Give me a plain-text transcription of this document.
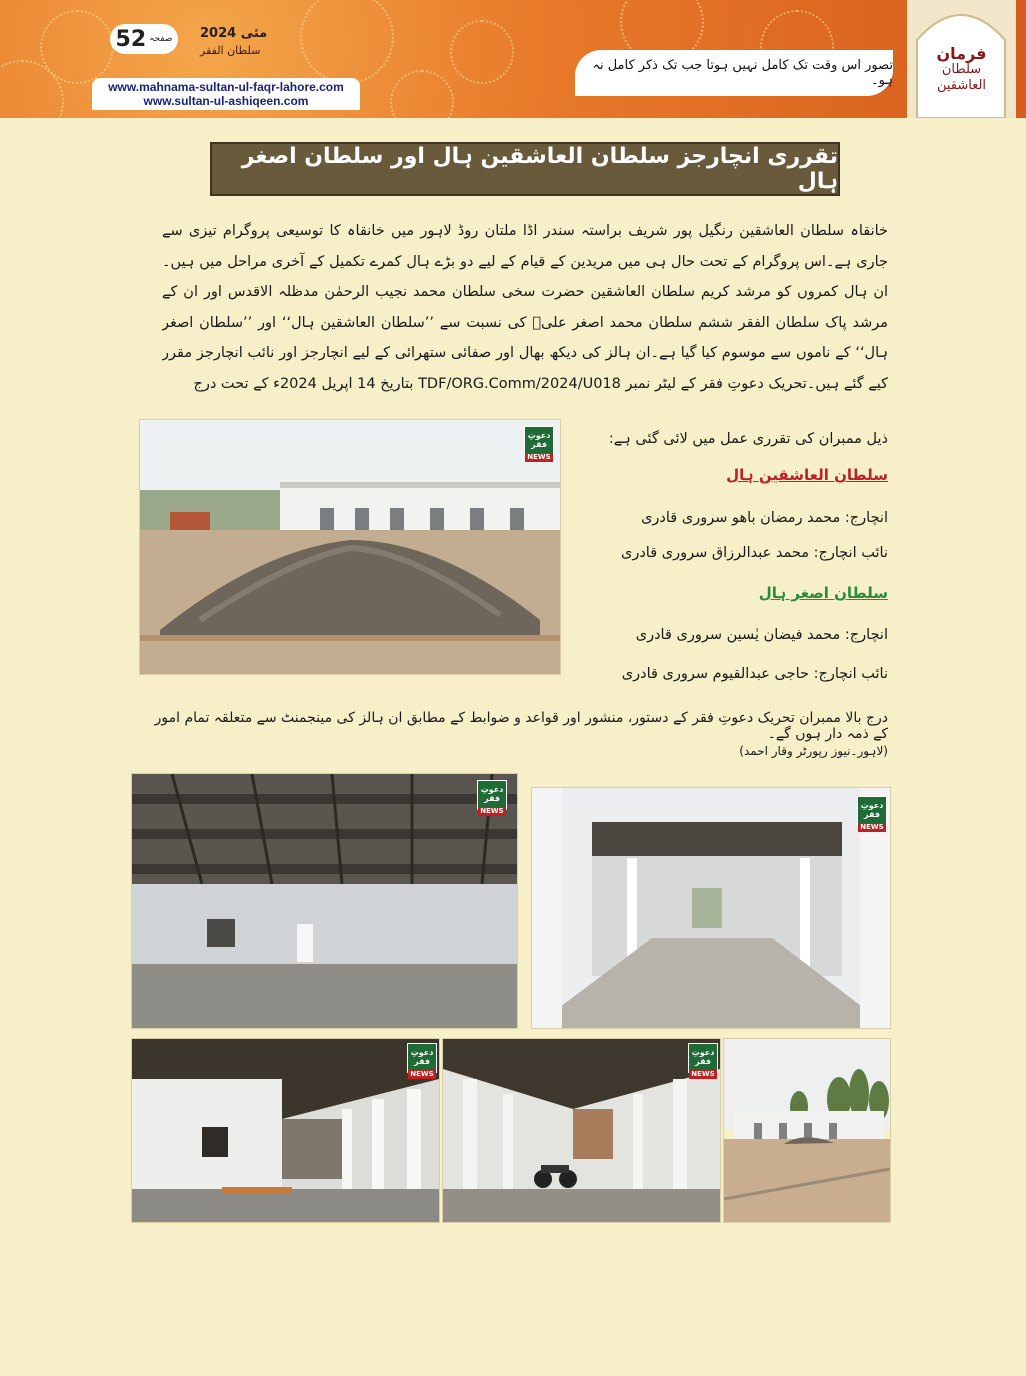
52 صفحہ مئی 2024
سلطان الفقر
www.mahnama-sultan-ul-faqr-lahore.com
www.sultan-ul-ashiqeen.com
تصور اس وقت تک کامل نہیں ہوتا جب تک ذکر کامل نہ ہو۔
فرمان
سلطان
العاشقین
تقرری انچارجز سلطان العاشقین ہال اور سلطان اصغر ہال

خانقاہ سلطان العاشقین رنگیل پور شریف براستہ سندر اڈا ملتان روڈ لاہور میں خانقاہ کا توسیعی پروگرام تیزی سے جاری ہے۔اس پروگرام کے تحت حال ہی میں مریدین کے قیام کے لیے دو بڑے ہال کمرے تکمیل کے آخری مراحل میں ہیں۔ان ہال کمروں کو مرشد کریم سلطان العاشقین حضرت سخی سلطان محمد نجیب الرحمٰن مدظلہ الاقدس اور ان کے مرشد پاک سلطان الفقر ششم سلطان محمد اصغر علیؒ کی نسبت سے ’’سلطان العاشقین ہال‘‘ اور ’’سلطان اصغر ہال‘‘ کے ناموں سے موسوم کیا گیا ہے۔ان ہالز کی دیکھ بھال اور صفائی ستھرائی کے لیے انچارجز اور نائب انچارجز مقرر کیے گئے ہیں۔تحریک دعوتِ فقر کے لیٹر نمبر TDF/ORG.Comm/2024/U018 بتاریخ 14 اپریل 2024ء کے تحت درج

ذیل ممبران کی تقرری عمل میں لائی گئی ہے:

سلطان العاشقین ہال
انچارج: محمد رمضان باھو سروری قادری
نائب انچارج: محمد عبدالرزاق سروری قادری
سلطان اصغر ہال
انچارج: محمد فیضان یٰسین سروری قادری
نائب انچارج: حاجی عبدالقیوم سروری قادری
درج بالا ممبران تحریک دعوتِ فقر کے دستور، منشور اور قواعد و ضوابط کے مطابق ان ہالز کی مینجمنٹ سے متعلقہ تمام امور کے ذمہ دار ہوں گے۔
(لاہور۔نیوز رپورٹر وقار احمد)
دعوتِ فقر
NEWS
دعوتِ فقر
NEWS
دعوتِ فقر
NEWS
دعوتِ فقر
NEWS
دعوتِ فقر
NEWS
